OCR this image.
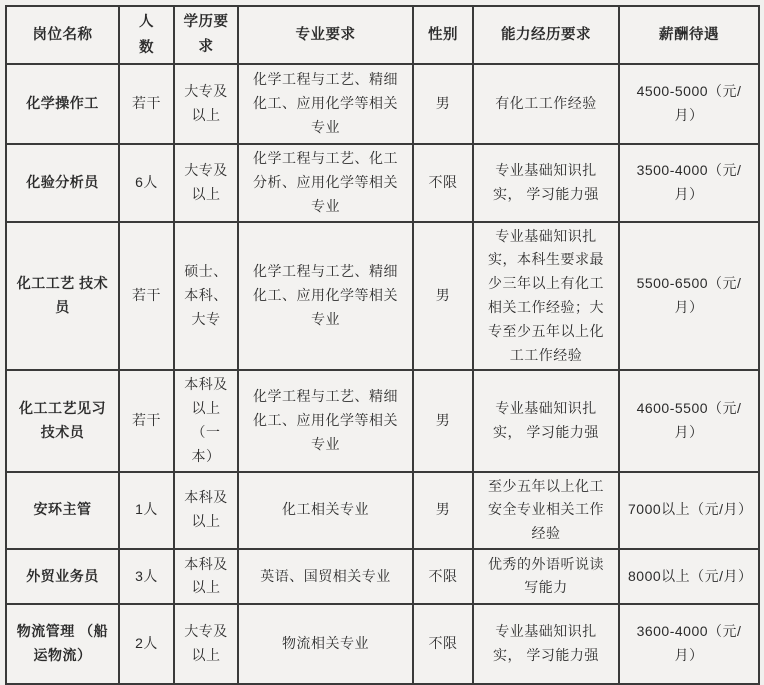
岗位名称	人数	学历要求	专业要求	性别	能力经历要求	薪酬待遇
化学操作工	若干	大专及以上	化学工程与工艺、精细化工、应用化学等相关专业	男	有化工工作经验	4500-5000（元/月）
化验分析员	6人	大专及以上	化学工程与工艺、化工分析、应用化学等相关专业	不限	专业基础知识扎实， 学习能力强	3500-4000（元/月）
化工工艺 技术员	若干	硕士、本科、大专	化学工程与工艺、精细化工、应用化学等相关专业	男	专业基础知识扎实，本科生要求最少三年以上有化工相关工作经验；大专至少五年以上化工工作经验	5500-6500（元/月）
化工工艺见习 技术员	若干	本科及以上（一本）	化学工程与工艺、精细化工、应用化学等相关专业	男	专业基础知识扎实， 学习能力强	4600-5500（元/月）
安环主管	1人	本科及以上	化工相关专业	男	至少五年以上化工安全专业相关工作经验	7000以上（元/月）
外贸业务员	3人	本科及以上	英语、国贸相关专业	不限	优秀的外语听说读写能力	8000以上（元/月）
物流管理 （船运物流）	2人	大专及以上	物流相关专业	不限	专业基础知识扎实， 学习能力强	3600-4000（元/月）
